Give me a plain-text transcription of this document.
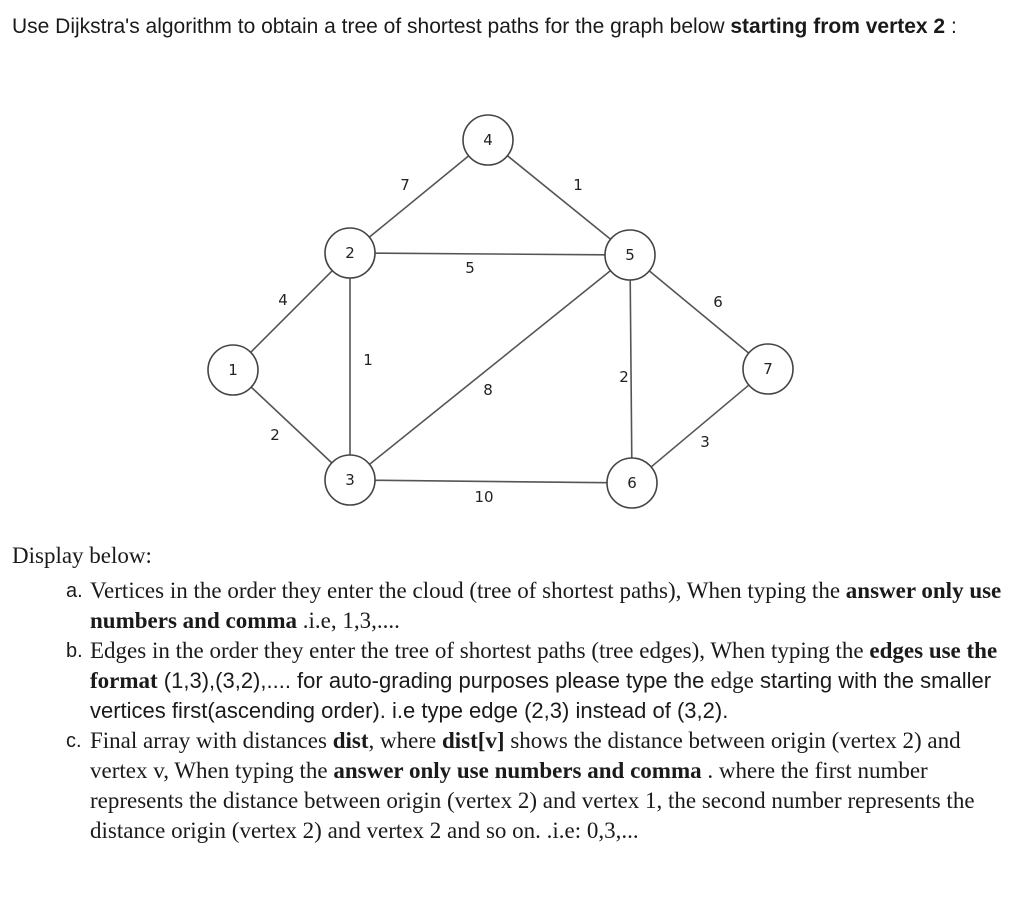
Use Dijkstra's algorithm to obtain a tree of shortest paths for the graph below starting from vertex 2 :

1
2
3
4
5
6
7
4
2
1
7
5
8
10
1
2
6
3

Display below:

a. Vertices in the order they enter the cloud (tree of shortest paths), When typing the answer only use numbers and comma .i.e, 1,3,....
b. Edges in the order they enter the tree of shortest paths (tree edges), When typing the edges use the format (1,3),(3,2),.... for auto-grading purposes please type the edge starting with the smaller vertices first(ascending order). i.e type edge (2,3) instead of (3,2).
c. Final array with distances dist, where dist[v] shows the distance between origin (vertex 2) and vertex v, When typing the answer only use numbers and comma . where the first number represents the distance between origin (vertex 2) and vertex 1, the second number represents the distance origin (vertex 2) and vertex 2 and so on. .i.e: 0,3,...
